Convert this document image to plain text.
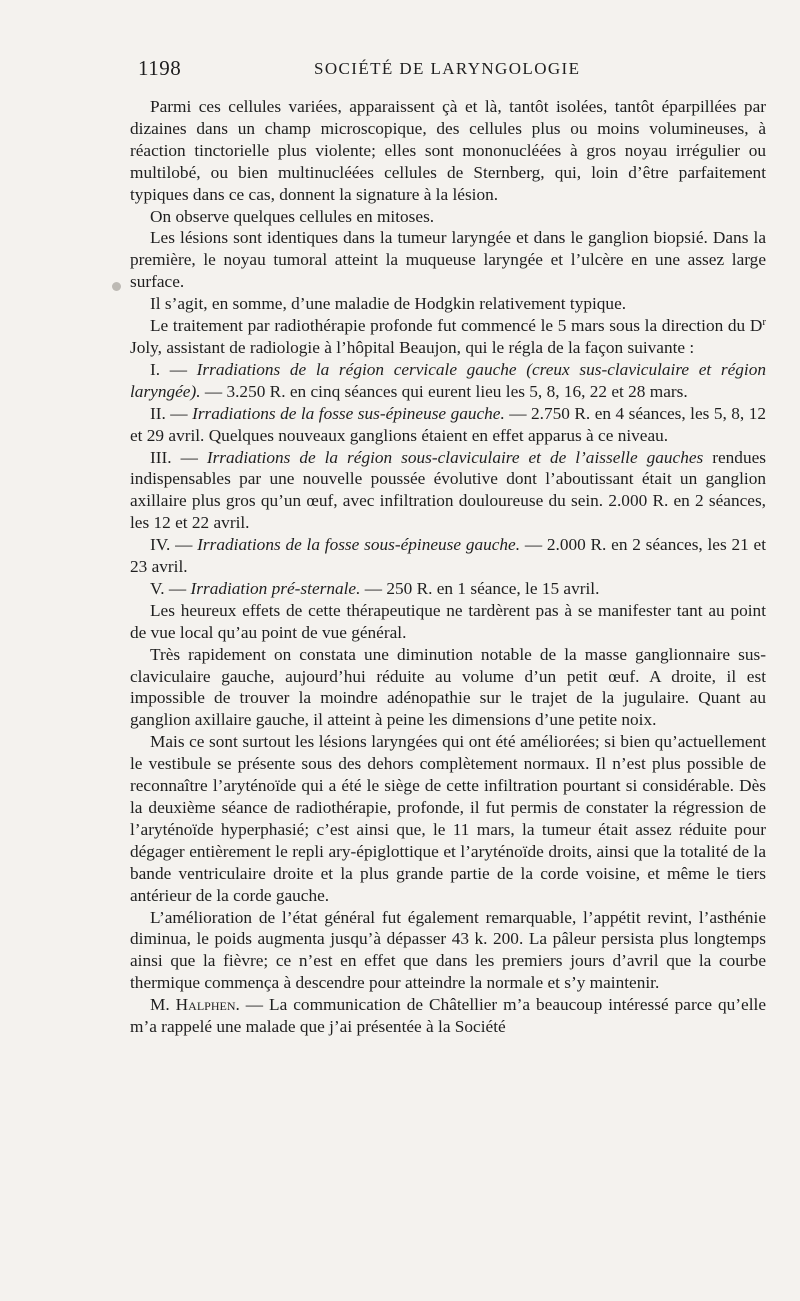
1198	SOCIÉTÉ DE LARYNGOLOGIE

Parmi ces cellules variées, apparaissent çà et là, tantôt isolées, tantôt éparpillées par dizaines dans un champ microscopique, des cellules plus ou moins volumineuses, à réaction tinctorielle plus violente; elles sont mononucléées à gros noyau irrégulier ou multilobé, ou bien multinucléées cellules de Sternberg, qui, loin d’être parfaitement typiques dans ce cas, donnent la signature à la lésion.

On observe quelques cellules en mitoses.

Les lésions sont identiques dans la tumeur laryngée et dans le ganglion biopsié. Dans la première, le noyau tumoral atteint la muqueuse laryngée et l’ulcère en une assez large surface.

Il s’agit, en somme, d’une maladie de Hodgkin relativement typique.

Le traitement par radiothérapie profonde fut commencé le 5 mars sous la direction du $D^r$ Joly, assistant de radiologie à l’hôpital Beaujon, qui le régla de la façon suivante :

I. — Irradiations de la région cervicale gauche (creux sus-claviculaire et région laryngée). — 3.250 R. en cinq séances qui eurent lieu les 5, 8, 16, 22 et 28 mars.

II. — Irradiations de la fosse sus-épineuse gauche. — 2.750 R. en 4 séances, les 5, 8, 12 et 29 avril. Quelques nouveaux ganglions étaient en effet apparus à ce niveau.

III. — Irradiations de la région sous-claviculaire et de l’aisselle gauches rendues indispensables par une nouvelle poussée évolutive dont l’aboutissant était un ganglion axillaire plus gros qu’un œuf, avec infiltration douloureuse du sein. 2.000 R. en 2 séances, les 12 et 22 avril.

IV. — Irradiations de la fosse sous-épineuse gauche. — 2.000 R. en 2 séances, les 21 et 23 avril.

V. — Irradiation pré-sternale. — 250 R. en 1 séance, le 15 avril.

Les heureux effets de cette thérapeutique ne tardèrent pas à se manifester tant au point de vue local qu’au point de vue général.

Très rapidement on constata une diminution notable de la masse ganglionnaire sus-claviculaire gauche, aujourd’hui réduite au volume d’un petit œuf. A droite, il est impossible de trouver la moindre adénopathie sur le trajet de la jugulaire. Quant au ganglion axillaire gauche, il atteint à peine les dimensions d’une petite noix.

Mais ce sont surtout les lésions laryngées qui ont été améliorées; si bien qu’actuellement le vestibule se présente sous des dehors complètement normaux. Il n’est plus possible de reconnaître l’aryténoïde qui a été le siège de cette infiltration pourtant si considérable. Dès la deuxième séance de radiothérapie, profonde, il fut permis de constater la régression de l’aryténoïde hyperphasié; c’est ainsi que, le 11 mars, la tumeur était assez réduite pour dégager entièrement le repli ary-épiglottique et l’aryténoïde droits, ainsi que la totalité de la bande ventriculaire droite et la plus grande partie de la corde voisine, et même le tiers antérieur de la corde gauche.

L’amélioration de l’état général fut également remarquable, l’appétit revint, l’asthénie diminua, le poids augmenta jusqu’à dépasser 43 k. 200. La pâleur persista plus longtemps ainsi que la fièvre; ce n’est en effet que dans les premiers jours d’avril que la courbe thermique commença à descendre pour atteindre la normale et s’y maintenir.

M. Halphen. — La communication de Châtellier m’a beaucoup intéressé parce qu’elle m’a rappelé une malade que j’ai présentée à la Société
